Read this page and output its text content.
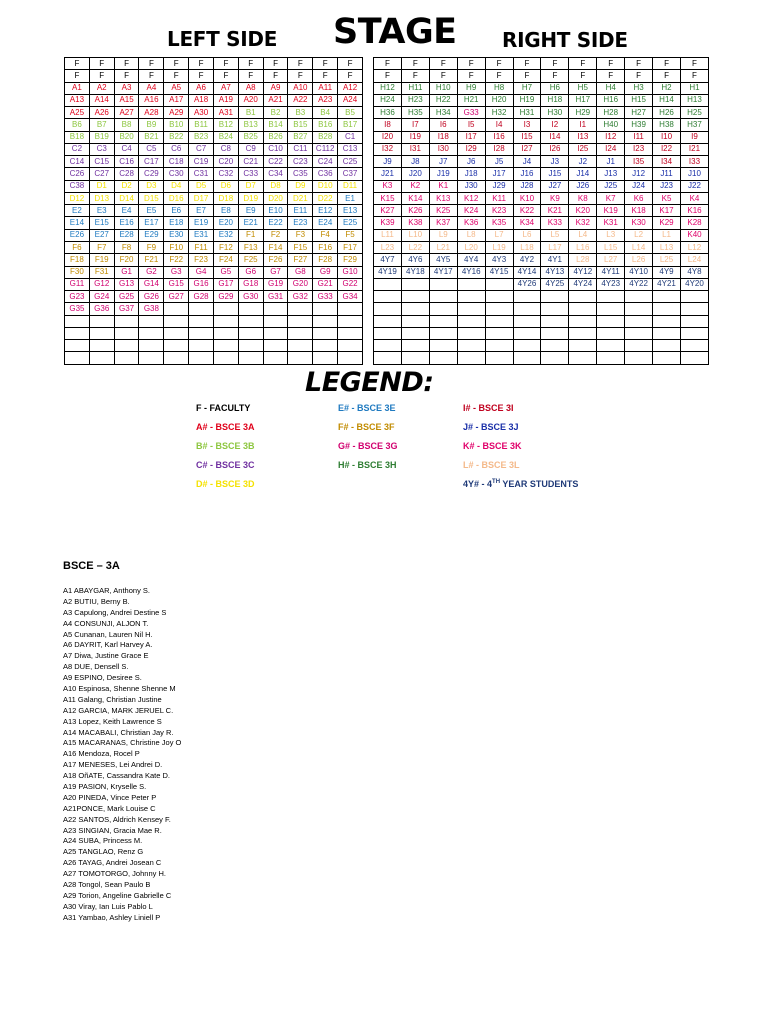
LEFT SIDE STAGE RIGHT SIDE
F	F	F	F	F	F	F	F	F	F	F	F
F	F	F	F	F	F	F	F	F	F	F	F
A1	A2	A3	A4	A5	A6	A7	A8	A9	A10	A11	A12
A13	A14	A15	A16	A17	A18	A19	A20	A21	A22	A23	A24
A25	A26	A27	A28	A29	A30	A31	B1	B2	B3	B4	B5
B6	B7	B8	B9	B10	B11	B12	B13	B14	B15	B16	B17
B18	B19	B20	B21	B22	B23	B24	B25	B26	B27	B28	C1
C2	C3	C4	C5	C6	C7	C8	C9	C10	C11	C112	C13
C14	C15	C16	C17	C18	C19	C20	C21	C22	C23	C24	C25
C26	C27	C28	C29	C30	C31	C32	C33	C34	C35	C36	C37
C38	D1	D2	D3	D4	D5	D6	D7	D8	D9	D10	D11
D12	D13	D14	D15	D16	D17	D18	D19	D20	D21	D22	E1
E2	E3	E4	E5	E6	E7	E8	E9	E10	E11	E12	E13
E14	E15	E16	E17	E18	E19	E20	E21	E22	E23	E24	E25
E26	E27	E28	E29	E30	E31	E32	F1	F2	F3	F4	F5
F6	F7	F8	F9	F10	F11	F12	F13	F14	F15	F16	F17
F18	F19	F20	F21	F22	F23	F24	F25	F26	F27	F28	F29
F30	F31	G1	G2	G3	G4	G5	G6	G7	G8	G9	G10
G11	G12	G13	G14	G15	G16	G17	G18	G19	G20	G21	G22
G23	G24	G25	G26	G27	G28	G29	G30	G31	G32	G33	G34
G35	G36	G37	G38								

F	F	F	F	F	F	F	F	F	F	F	F
F	F	F	F	F	F	F	F	F	F	F	F
H12	H11	H10	H9	H8	H7	H6	H5	H4	H3	H2	H1
H24	H23	H22	H21	H20	H19	H18	H17	H16	H15	H14	H13
H36	H35	H34	G33	H32	H31	H30	H29	H28	H27	H26	H25
I8	I7	I6	I5	I4	I3	I2	I1	H40	H39	H38	H37
I20	I19	I18	I17	I16	I15	I14	I13	I12	I11	I10	I9
I32	I31	I30	I29	I28	I27	I26	I25	I24	I23	I22	I21
J9	J8	J7	J6	J5	J4	J3	J2	J1	I35	I34	I33
J21	J20	J19	J18	J17	J16	J15	J14	J13	J12	J11	J10
K3	K2	K1	J30	J29	J28	J27	J26	J25	J24	J23	J22
K15	K14	K13	K12	K11	K10	K9	K8	K7	K6	K5	K4
K27	K26	K25	K24	K23	K22	K21	K20	K19	K18	K17	K16
K39	K38	K37	K36	K35	K34	K33	K32	K31	K30	K29	K28
L11	L10	L9	L8	L7	L6	L5	L4	L3	L2	L1	K40
L23	L22	L21	L20	L19	L18	L17	L16	L15	L14	L13	L12
4Y7	4Y6	4Y5	4Y4	4Y3	4Y2	4Y1	L28	L27	L26	L25	L24
4Y19	4Y18	4Y17	4Y16	4Y15	4Y14	4Y13	4Y12	4Y11	4Y10	4Y9	4Y8
					4Y26	4Y25	4Y24	4Y23	4Y22	4Y21	4Y20

LEGEND:
F - FACULTY
A# - BSCE 3A
B# - BSCE 3B
C# - BSCE 3C
D# - BSCE 3D
E# - BSCE 3E
F# - BSCE 3F
G# - BSCE 3G
H# - BSCE 3H
I# - BSCE 3I
J# - BSCE 3J
K# - BSCE 3K
L# - BSCE 3L
4Y# - 4TH YEAR STUDENTS
BSCE – 3A
A1 ABAYGAR, Anthony S.
A2 BUTIU, Berny B.
A3 Capulong, Andrei Destine S
A4 CONSUNJI, ALJON T.
A5 Cunanan, Lauren Nil H.
A6 DAYRIT, Karl Harvey A.
A7 Diwa, Justine Grace E
A8 DUE, Densell S.
A9 ESPINO, Desiree S.
A10 Espinosa, Shenne Shenne M
A11 Galang, Christian Justine
A12 GARCIA, MARK JERUEL C.
A13 Lopez, Keith Lawrence S
A14 MACABALI, Christian Jay R.
A15 MACARANAS, Christine Joy O
A16 Mendoza, Rocel P
A17 MENESES, Lei Andrei D.
A18 OñATE, Cassandra Kate D.
A19 PASION, Kryselle S.
A20 PINEDA, Vince Peter P
A21PONCE, Mark Louise C
A22 SANTOS, Aldrich Kensey F.
A23 SINGIAN, Gracia Mae R.
A24 SUBA, Princess M.
A25 TANGLAO, Renz G
A26 TAYAG, Andrei Josean C
A27 TOMOTORGO, Johnny H.
A28 Tongol, Sean Paulo B
A29 Torion, Angeline Gabrielle C
A30 Viray, Ian Luis Pablo L
A31 Yambao, Ashley Liniell P
